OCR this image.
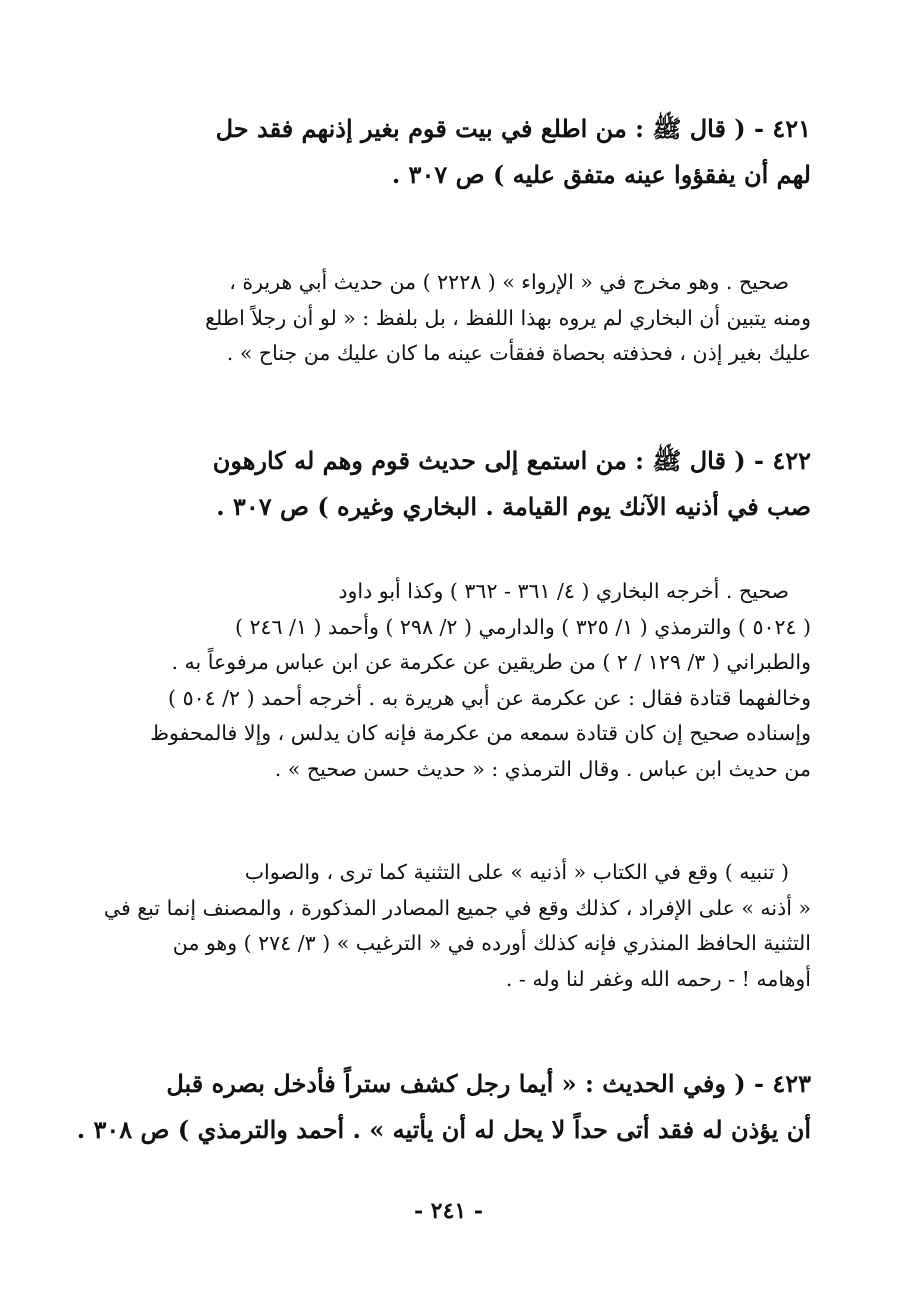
٤٢١ - ( قال ﷺ : من اطلع في بيت قوم بغير إذنهم فقد حل
لهم أن يفقؤوا عينه متفق عليه ) ص ٣٠٧ .
صحيح . وهو مخرج في « الإرواء » ( ٢٢٢٨ ) من حديث أبي هريرة ،
ومنه يتبين أن البخاري لم يروه بهذا اللفظ ، بل بلفظ : « لو أن رجلاً اطلع
عليك بغير إذن ، فحذفته بحصاة ففقأت عينه ما كان عليك من جناح » .
٤٢٢ - ( قال ﷺ : من استمع إلى حديث قوم وهم له كارهون
صب في أذنيه الآنك يوم القيامة . البخاري وغيره ) ص ٣٠٧ .
صحيح . أخرجه البخاري ( ٤/ ٣٦١ - ٣٦٢ ) وكذا أبو داود
( ٥٠٢٤ ) والترمذي ( ١/ ٣٢٥ ) والدارمي ( ٢/ ٢٩٨ ) وأحمد ( ١/ ٢٤٦ )
والطبراني ( ٣/ ١٢٩ / ٢ ) من طريقين عن عكرمة عن ابن عباس مرفوعاً به .
وخالفهما قتادة فقال : عن عكرمة عن أبي هريرة به . أخرجه أحمد ( ٢/ ٥٠٤ )
وإسناده صحيح إن كان قتادة سمعه من عكرمة فإنه كان يدلس ، وإلا فالمحفوظ
من حديث ابن عباس . وقال الترمذي : « حديث حسن صحيح » .
( تنبيه ) وقع في الكتاب « أذنيه » على التثنية كما ترى ، والصواب
« أذنه » على الإفراد ، كذلك وقع في جميع المصادر المذكورة ، والمصنف إنما تبع في
التثنية الحافظ المنذري فإنه كذلك أورده في « الترغيب » ( ٣/ ٢٧٤ ) وهو من
أوهامه ! - رحمه الله وغفر لنا وله - .
٤٢٣ - ( وفي الحديث : « أيما رجل كشف ستراً فأدخل بصره قبل
أن يؤذن له فقد أتى حداً لا يحل له أن يأتيه » . أحمد والترمذي ) ص ٣٠٨ .
- ٢٤١ -
